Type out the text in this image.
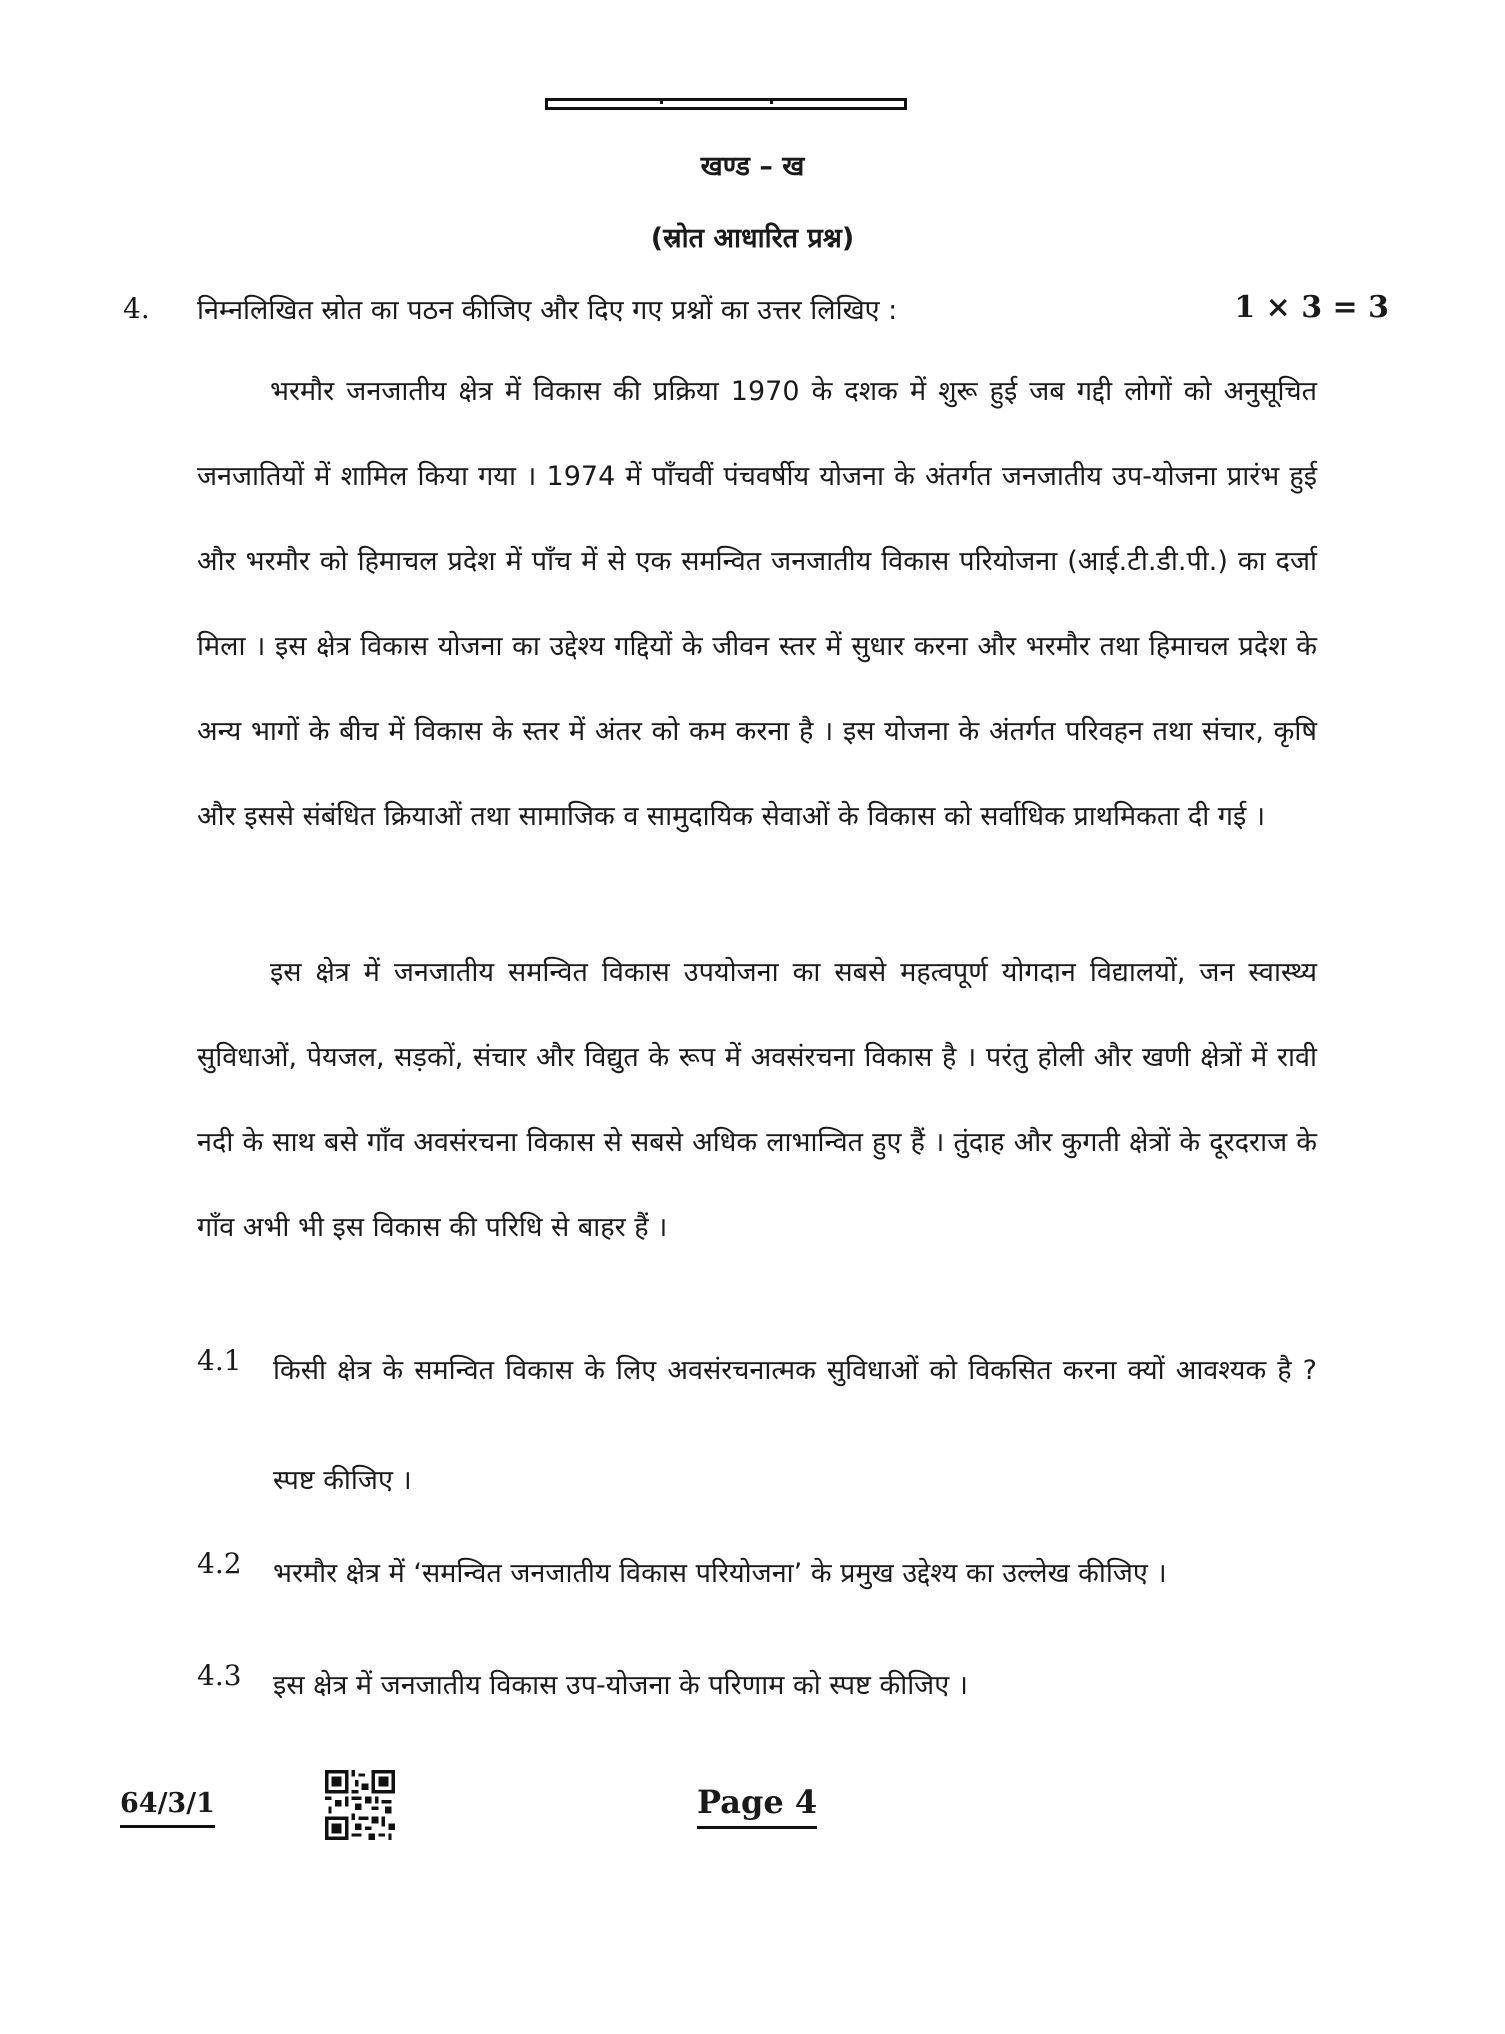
खण्ड – ख
(स्रोत आधारित प्रश्न)
4. निम्नलिखित स्रोत का पठन कीजिए और दिए गए प्रश्नों का उत्तर लिखिए :	1 × 3 = 3

भरमौर जनजातीय क्षेत्र में विकास की प्रक्रिया 1970 के दशक में शुरू हुई जब गद्दी लोगों को अनुसूचित जनजातियों में शामिल किया गया । 1974 में पाँचवीं पंचवर्षीय योजना के अंतर्गत जनजातीय उप-योजना प्रारंभ हुई और भरमौर को हिमाचल प्रदेश में पाँच में से एक समन्वित जनजातीय विकास परियोजना (आई.टी.डी.पी.) का दर्जा मिला । इस क्षेत्र विकास योजना का उद्देश्य गद्दियों के जीवन स्तर में सुधार करना और भरमौर तथा हिमाचल प्रदेश के अन्य भागों के बीच में विकास के स्तर में अंतर को कम करना है । इस योजना के अंतर्गत परिवहन तथा संचार, कृषि और इससे संबंधित क्रियाओं तथा सामाजिक व सामुदायिक सेवाओं के विकास को सर्वाधिक प्राथमिकता दी गई ।

इस क्षेत्र में जनजातीय समन्वित विकास उपयोजना का सबसे महत्वपूर्ण योगदान विद्यालयों, जन स्वास्थ्य सुविधाओं, पेयजल, सड़कों, संचार और विद्युत के रूप में अवसंरचना विकास है । परंतु होली और खणी क्षेत्रों में रावी नदी के साथ बसे गाँव अवसंरचना विकास से सबसे अधिक लाभान्वित हुए हैं । तुंदाह और कुगती क्षेत्रों के दूरदराज के गाँव अभी भी इस विकास की परिधि से बाहर हैं ।

4.1 किसी क्षेत्र के समन्वित विकास के लिए अवसंरचनात्मक सुविधाओं को विकसित करना क्यों आवश्यक है ? स्पष्ट कीजिए ।
4.2 भरमौर क्षेत्र में ‘समन्वित जनजातीय विकास परियोजना’ के प्रमुख उद्देश्य का उल्लेख कीजिए ।
4.3 इस क्षेत्र में जनजातीय विकास उप-योजना के परिणाम को स्पष्ट कीजिए ।
64/3/1	Page 4
